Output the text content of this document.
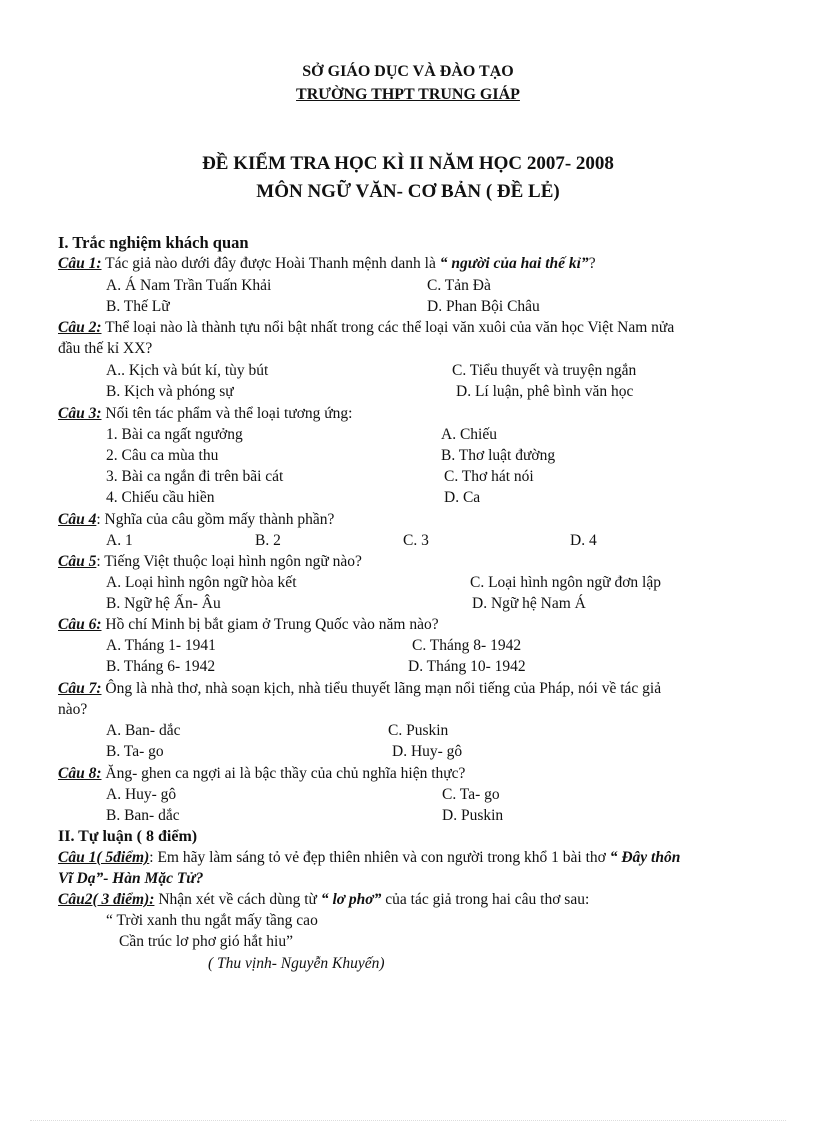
SỞ GIÁO DỤC VÀ ĐÀO TẠO
TRƯỜNG THPT TRUNG GIÁP
ĐỀ KIỂM TRA HỌC KÌ II NĂM HỌC 2007- 2008
MÔN NGỮ VĂN- CƠ BẢN ( ĐỀ LẺ)
I. Trắc nghiệm khách quan
Câu 1: Tác giả nào dưới đây được Hoài Thanh mệnh danh là “ người của hai thế kỉ”?
A. Á Nam Trần Tuấn Khải	C. Tản Đà
B. Thế Lữ	D. Phan Bội Châu
Câu 2: Thể loại nào là thành tựu nổi bật nhất trong các thể loại văn xuôi của văn học Việt Nam nửa
đầu thế kỉ XX?
A.. Kịch và bút kí, tùy bút	C. Tiểu thuyết và truyện ngắn
B. Kịch và phóng sự	D. Lí luận, phê bình văn học
Câu 3: Nối tên tác phẩm và thể loại tương ứng:
1. Bài ca ngất ngưởng	A. Chiếu
2. Câu ca mùa thu	B. Thơ luật đường
3. Bài ca ngắn đi trên bãi cát	C. Thơ hát nói
4. Chiếu cầu hiền	D. Ca
Câu 4: Nghĩa của câu gồm mấy thành phần?
A. 1	B. 2	C. 3	D. 4
Câu 5: Tiếng Việt thuộc loại hình ngôn ngữ nào?
A. Loại hình ngôn ngữ hòa kết	C. Loại hình ngôn ngữ đơn lập
B. Ngữ hệ Ấn- Âu	D. Ngữ hệ Nam Á
Câu 6: Hồ chí Minh bị bắt giam ở Trung Quốc vào năm nào?
A. Tháng 1- 1941	C. Tháng 8- 1942
B. Tháng 6- 1942	D. Tháng 10- 1942
Câu 7: Ông là nhà thơ, nhà soạn kịch, nhà tiểu thuyết lãng mạn nổi tiếng của Pháp, nói về tác giả
nào?
A. Ban- dắc	C. Puskin
B. Ta- go	D. Huy- gô
Câu 8: Ăng- ghen ca ngợi ai là bậc thầy của chủ nghĩa hiện thực?
A. Huy- gô	C. Ta- go
B. Ban- dắc	D. Puskin
II. Tự luận ( 8 điểm)
Câu 1( 5điểm): Em hãy làm sáng tỏ vẻ đẹp thiên nhiên và con người trong khổ 1 bài thơ “ Đây thôn
Vĩ Dạ”- Hàn Mặc Tử?
Câu2( 3 điểm): Nhận xét về cách dùng từ “ lơ phơ” của tác giả trong hai câu thơ sau:
“ Trời xanh thu ngắt mấy tầng cao
Cần trúc lơ phơ gió hắt hiu”
( Thu vịnh- Nguyễn Khuyến)
